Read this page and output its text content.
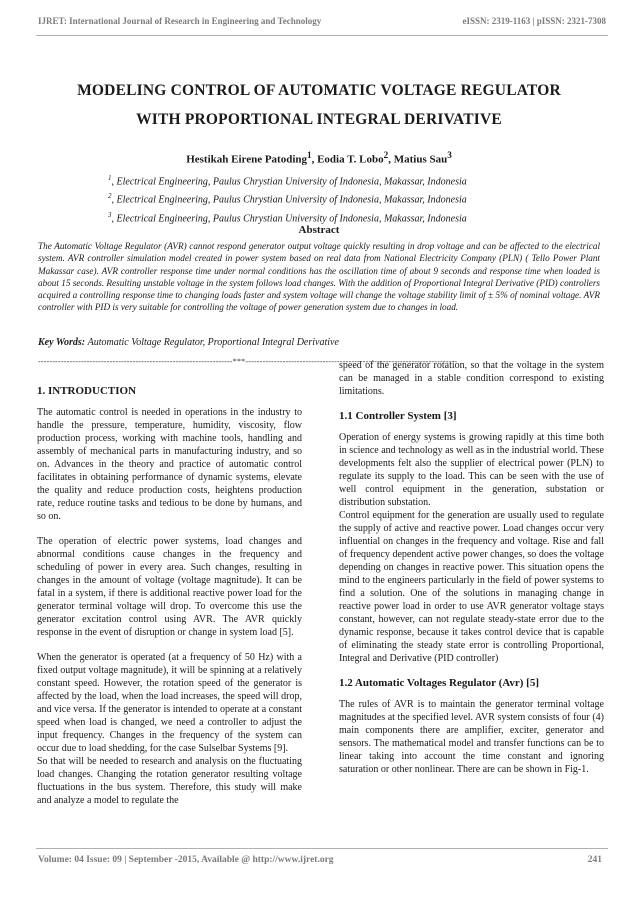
IJRET: International Journal of Research in Engineering and Technology	eISSN: 2319-1163 | pISSN: 2321-7308
MODELING CONTROL OF AUTOMATIC VOLTAGE REGULATOR
WITH PROPORTIONAL INTEGRAL DERIVATIVE
Hestikah Eirene Patoding$^1$, Eodia T. Lobo$^2$, Matius Sau$^3$
$^1$, Electrical Engineering, Paulus Chrystian University of Indonesia, Makassar, Indonesia
$^2$, Electrical Engineering, Paulus Chrystian University of Indonesia, Makassar, Indonesia
$^3$, Electrical Engineering, Paulus Chrystian University of Indonesia, Makassar, Indonesia
Abstract
The Automatic Voltage Regulator (AVR) cannot respond generator output voltage quickly resulting in drop voltage and can be affected to the electrical system. AVR controller simulation model created in power system based on real data from National Electricity Company (PLN) ( Tello Power Plant Makassar case). AVR controller response time under normal conditions has the oscillation time of about 9 seconds and response time when loaded is about 15 seconds. Resulting unstable voltage in the system follows load changes. With the addition of Proportional Integral Derivative (PID) controllers acquired a controlling response time to changing loads faster and system voltage will change the voltage stability limit of ± 5% of nominal voltage. AVR controller with PID is very suitable for controlling the voltage of power generation system due to changes in load.
Key Words: Automatic Voltage Regulator, Proportional Integral Derivative
--------------------------------------------------------------------***--------------------------------------------------------------------------
1. INTRODUCTION

The automatic control is needed in operations in the industry to handle the pressure, temperature, humidity, viscosity, flow production process, working with machine tools, handling and assembly of mechanical parts in manufacturing industry, and so on. Advances in the theory and practice of automatic control facilitates in obtaining performance of dynamic systems, elevate the quality and reduce production costs, heightens production rate, reduce routine tasks and tedious to be done by humans, and so on.

The operation of electric power systems, load changes and abnormal conditions cause changes in the frequency and scheduling of power in every area. Such changes, resulting in changes in the amount of voltage (voltage magnitude). It can be fatal in a system, if there is additional reactive power load for the generator terminal voltage will drop. To overcome this use the generator excitation control using AVR. The AVR quickly response in the event of disruption or change in system load [5].

When the generator is operated (at a frequency of 50 Hz) with a fixed output voltage magnitude), it will be spinning at a relatively constant speed. However, the rotation speed of the generator is affected by the load, when the load increases, the speed will drop, and vice versa. If the generator is intended to operate at a constant speed when load is changed, we need a controller to adjust the input frequency. Changes in the frequency of the system can occur due to load shedding, for the case Sulselbar Systems [9].

So that will be needed to research and analysis on the fluctuating load changes. Changing the rotation generator resulting voltage fluctuations in the bus system. Therefore, this study will make and analyze a model to regulate the

speed of the generator rotation, so that the voltage in the system can be managed in a stable condition correspond to existing limitations.

1.1 Controller System [3]

Operation of energy systems is growing rapidly at this time both in science and technology as well as in the industrial world. These developments felt also the supplier of electrical power (PLN) to regulate its supply to the load. This can be seen with the use of well control equipment in the generation, substation or distribution substation.

Control equipment for the generation are usually used to regulate the supply of active and reactive power. Load changes occur very influential on changes in the frequency and voltage. Rise and fall of frequency dependent active power changes, so does the voltage depending on changes in reactive power. This situation opens the mind to the engineers particularly in the field of power systems to find a solution. One of the solutions in managing change in reactive power load in order to use AVR generator voltage stays constant, however, can not regulate steady-state error due to the dynamic response, because it takes control device that is capable of eliminating the steady state error is controlling Proportional, Integral and Derivative (PID controller)

1.2 Automatic Voltages Regulator (Avr) [5]

The rules of AVR is to maintain the generator terminal voltage magnitudes at the specified level. AVR system consists of four (4) main components there are amplifier, exciter, generator and sensors. The mathematical model and transfer functions can be to linear taking into account the time constant and ignoring saturation or other nonlinear. There are can be shown in Fig-1.

Volume: 04 Issue: 09 | September -2015, Available @ http://www.ijret.org	241
